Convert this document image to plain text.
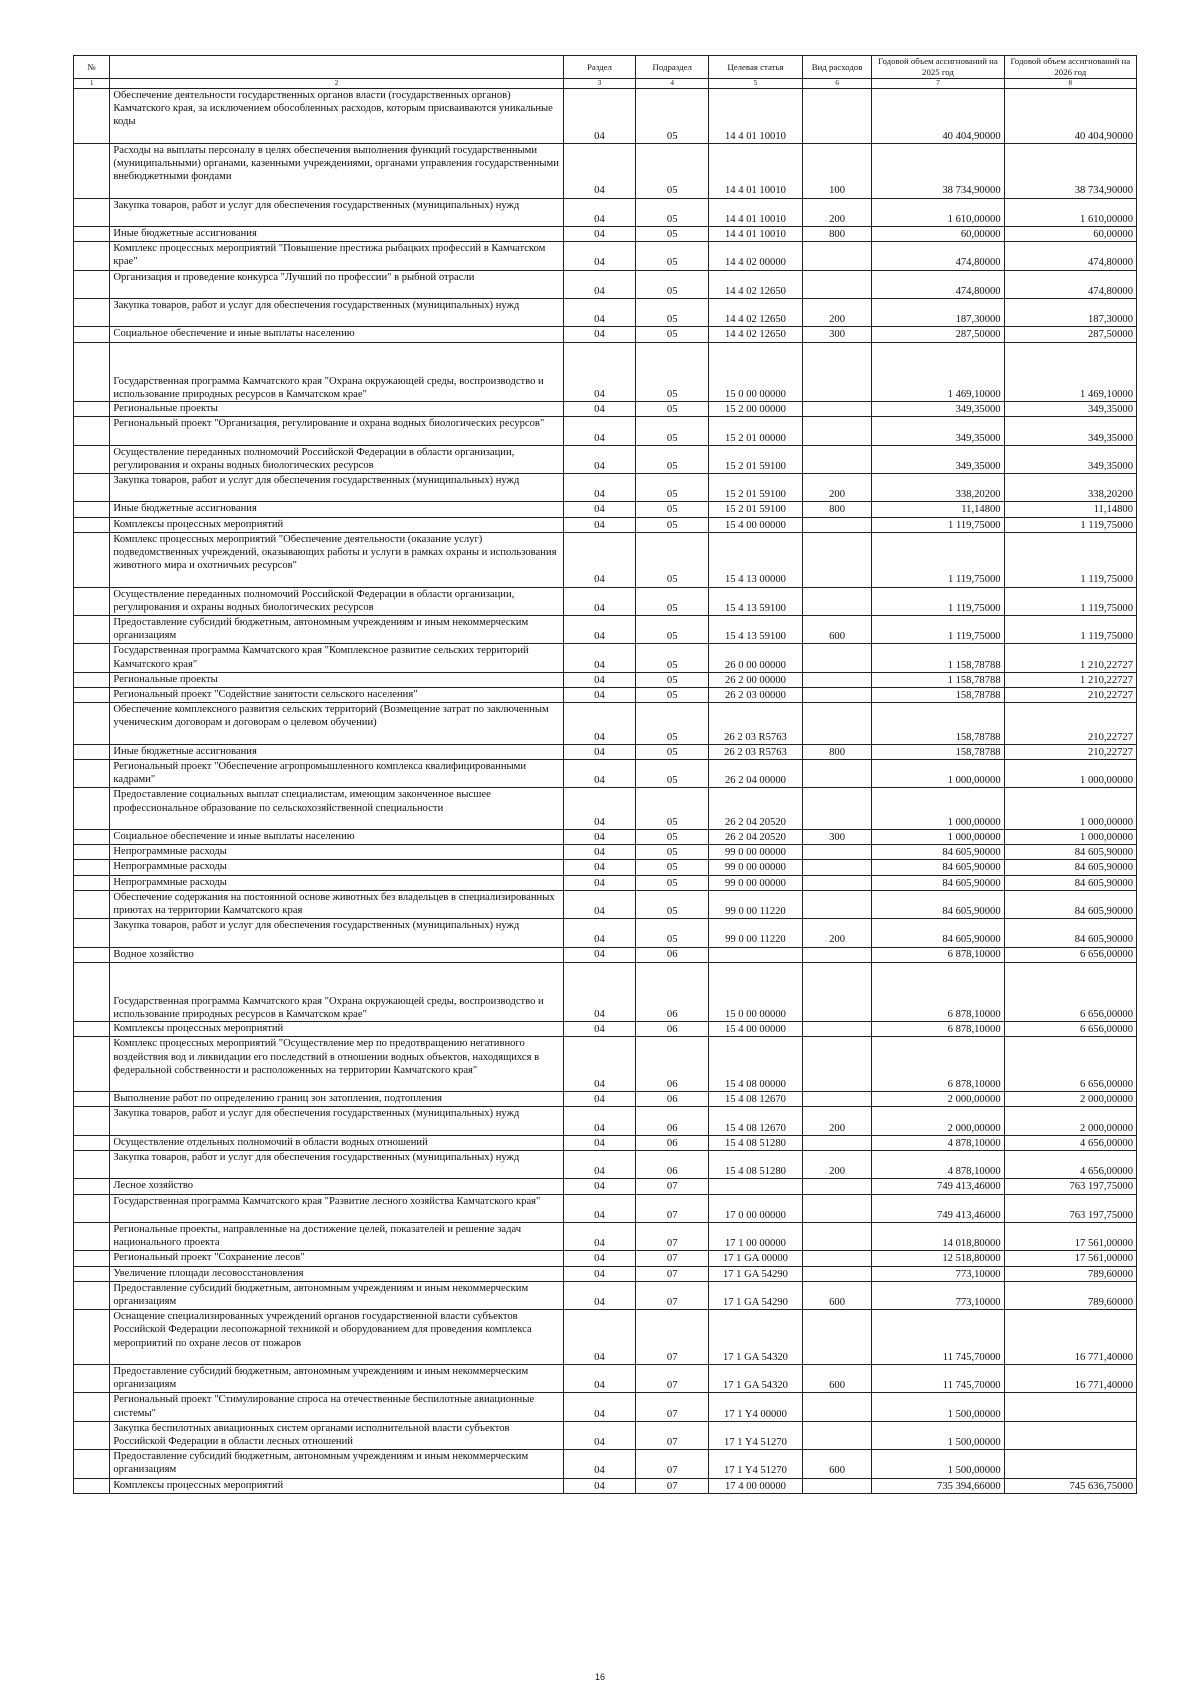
№		Раздел	Подраздел	Целевая статья	Вид расходов	Годовой объем ассигнований на 2025 год	Годовой объем ассигнований на 2026 год
1	2	3	4	5	6	7	8
	Обеспечение деятельности государственных органов власти (государственных органов) Камчатского края, за исключением обособленных расходов, которым присваиваются уникальные коды	04	05	14 4 01 10010		40 404,90000	40 404,90000
	Расходы на выплаты персоналу в целях обеспечения выполнения функций государственными (муниципальными) органами, казенными учреждениями, органами управления государственными внебюджетными фондами	04	05	14 4 01 10010	100	38 734,90000	38 734,90000
	Закупка товаров, работ и услуг для обеспечения государственных (муниципальных) нужд	04	05	14 4 01 10010	200	1 610,00000	1 610,00000
	Иные бюджетные ассигнования	04	05	14 4 01 10010	800	60,00000	60,00000
	Комплекс процессных мероприятий "Повышение престижа рыбацких профессий в Камчатском крае"	04	05	14 4 02 00000		474,80000	474,80000
	Организация и проведение конкурса "Лучший по профессии" в рыбной отрасли	04	05	14 4 02 12650		474,80000	474,80000
	Закупка товаров, работ и услуг для обеспечения государственных (муниципальных) нужд	04	05	14 4 02 12650	200	187,30000	187,30000
	Социальное обеспечение и иные выплаты населению	04	05	14 4 02 12650	300	287,50000	287,50000
	Государственная программа Камчатского края "Охрана окружающей среды, воспроизводство и использование природных ресурсов в Камчатском крае"	04	05	15 0 00 00000		1 469,10000	1 469,10000
	Региональные проекты	04	05	15 2 00 00000		349,35000	349,35000
	Региональный проект "Организация, регулирование и охрана водных биологических ресурсов"	04	05	15 2 01 00000		349,35000	349,35000
	Осуществление переданных полномочий Российской Федерации в области организации, регулирования и охраны водных биологических ресурсов	04	05	15 2 01 59100		349,35000	349,35000
	Закупка товаров, работ и услуг для обеспечения государственных (муниципальных) нужд	04	05	15 2 01 59100	200	338,20200	338,20200
	Иные бюджетные ассигнования	04	05	15 2 01 59100	800	11,14800	11,14800
	Комплексы процессных мероприятий	04	05	15 4 00 00000		1 119,75000	1 119,75000
	Комплекс процессных мероприятий "Обеспечение деятельности (оказание услуг) подведомственных учреждений, оказывающих работы и услуги в рамках охраны и использования животного мира и охотничьих ресурсов"	04	05	15 4 13 00000		1 119,75000	1 119,75000
	Осуществление переданных полномочий Российской Федерации в области организации, регулирования и охраны водных биологических ресурсов	04	05	15 4 13 59100		1 119,75000	1 119,75000
	Предоставление субсидий бюджетным, автономным учреждениям и иным некоммерческим организациям	04	05	15 4 13 59100	600	1 119,75000	1 119,75000
	Государственная программа Камчатского края "Комплексное развитие сельских территорий Камчатского края"	04	05	26 0 00 00000		1 158,78788	1 210,22727
	Региональные проекты	04	05	26 2 00 00000		1 158,78788	1 210,22727
	Региональный проект "Содействие занятости сельского населения"	04	05	26 2 03 00000		158,78788	210,22727
	Обеспечение комплексного развития сельских территорий (Возмещение затрат по заключенным ученическим договорам и договорам о целевом обучении)	04	05	26 2 03 R5763		158,78788	210,22727
	Иные бюджетные ассигнования	04	05	26 2 03 R5763	800	158,78788	210,22727
	Региональный проект "Обеспечение агропромышленного комплекса квалифицированными кадрами"	04	05	26 2 04 00000		1 000,00000	1 000,00000
	Предоставление социальных выплат специалистам, имеющим законченное высшее профессиональное образование по сельскохозяйственной специальности	04	05	26 2 04 20520		1 000,00000	1 000,00000
	Социальное обеспечение и иные выплаты населению	04	05	26 2 04 20520	300	1 000,00000	1 000,00000
	Непрограммные расходы	04	05	99 0 00 00000		84 605,90000	84 605,90000
	Непрограммные расходы	04	05	99 0 00 00000		84 605,90000	84 605,90000
	Непрограммные расходы	04	05	99 0 00 00000		84 605,90000	84 605,90000
	Обеспечение содержания на постоянной основе животных без владельцев в специализированных приютах на территории Камчатского края	04	05	99 0 00 11220		84 605,90000	84 605,90000
	Закупка товаров, работ и услуг для обеспечения государственных (муниципальных) нужд	04	05	99 0 00 11220	200	84 605,90000	84 605,90000
	Водное хозяйство	04	06			6 878,10000	6 656,00000
	Государственная программа Камчатского края "Охрана окружающей среды, воспроизводство и использование природных ресурсов в Камчатском крае"	04	06	15 0 00 00000		6 878,10000	6 656,00000
	Комплексы процессных мероприятий	04	06	15 4 00 00000		6 878,10000	6 656,00000
	Комплекс процессных мероприятий "Осуществление мер по предотвращению негативного воздействия вод и ликвидации его последствий в отношении водных объектов, находящихся в федеральной собственности и расположенных на территории Камчатского края"	04	06	15 4 08 00000		6 878,10000	6 656,00000
	Выполнение работ по определению границ зон затопления, подтопления	04	06	15 4 08 12670		2 000,00000	2 000,00000
	Закупка товаров, работ и услуг для обеспечения государственных (муниципальных) нужд	04	06	15 4 08 12670	200	2 000,00000	2 000,00000
	Осуществление отдельных полномочий в области водных отношений	04	06	15 4 08 51280		4 878,10000	4 656,00000
	Закупка товаров, работ и услуг для обеспечения государственных (муниципальных) нужд	04	06	15 4 08 51280	200	4 878,10000	4 656,00000
	Лесное хозяйство	04	07			749 413,46000	763 197,75000
	Государственная программа Камчатского края "Развитие лесного хозяйства Камчатского края"	04	07	17 0 00 00000		749 413,46000	763 197,75000
	Региональные проекты, направленные на достижение целей, показателей и решение задач национального проекта	04	07	17 1 00 00000		14 018,80000	17 561,00000
	Региональный проект "Сохранение лесов"	04	07	17 1 GA 00000		12 518,80000	17 561,00000
	Увеличение площади лесовосстановления	04	07	17 1 GA 54290		773,10000	789,60000
	Предоставление субсидий бюджетным, автономным учреждениям и иным некоммерческим организациям	04	07	17 1 GA 54290	600	773,10000	789,60000
	Оснащение специализированных учреждений органов государственной власти субъектов Российской Федерации лесопожарной техникой и оборудованием для проведения комплекса мероприятий по охране лесов от пожаров	04	07	17 1 GA 54320		11 745,70000	16 771,40000
	Предоставление субсидий бюджетным, автономным учреждениям и иным некоммерческим организациям	04	07	17 1 GA 54320	600	11 745,70000	16 771,40000
	Региональный проект "Стимулирование спроса на отечественные беспилотные авиационные системы"	04	07	17 1 Y4 00000		1 500,00000	
	Закупка беспилотных авиационных систем органами исполнительной власти субъектов Российской Федерации в области лесных отношений	04	07	17 1 Y4 51270		1 500,00000	
	Предоставление субсидий бюджетным, автономным учреждениям и иным некоммерческим организациям	04	07	17 1 Y4 51270	600	1 500,00000	
	Комплексы процессных мероприятий	04	07	17 4 00 00000		735 394,66000	745 636,75000
16
